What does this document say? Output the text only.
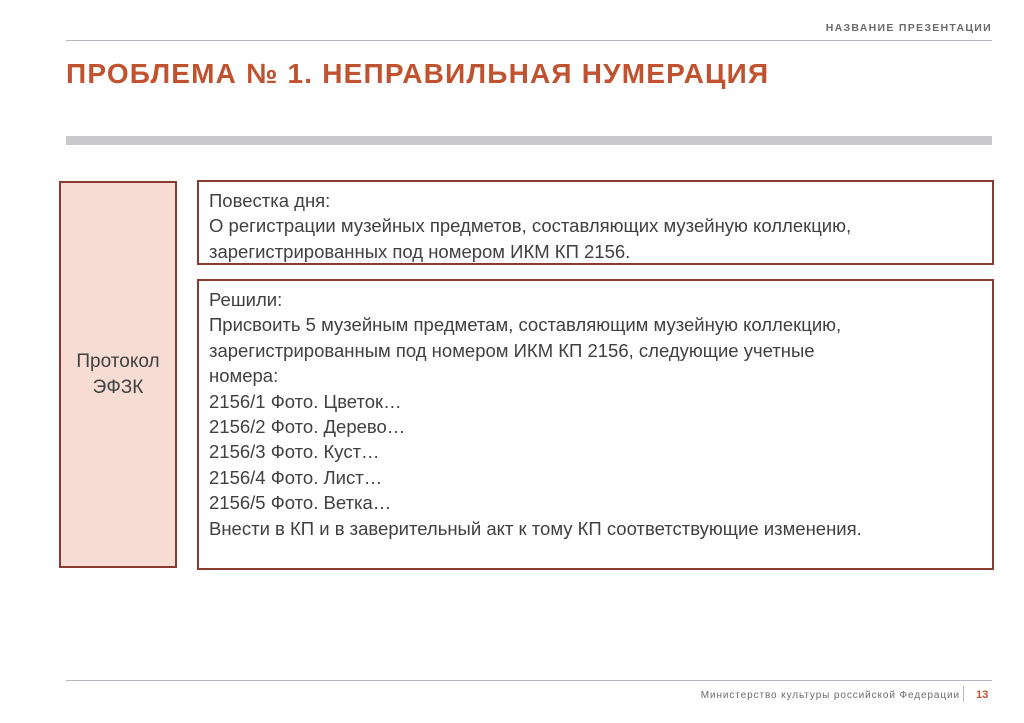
НАЗВАНИЕ ПРЕЗЕНТАЦИИ
ПРОБЛЕМА № 1. НЕПРАВИЛЬНАЯ НУМЕРАЦИЯ
Протокол
ЭФЗК
Повестка дня:
О регистрации музейных предметов, составляющих музейную коллекцию,
зарегистрированных под номером ИКМ КП 2156.
Решили:
Присвоить 5 музейным предметам, составляющим музейную коллекцию,
зарегистрированным под номером ИКМ КП 2156, следующие учетные
номера:
2156/1 Фото. Цветок…
2156/2 Фото. Дерево…
2156/3 Фото. Куст…
2156/4 Фото. Лист…
2156/5 Фото. Ветка…
Внести в КП и в заверительный акт к тому КП соответствующие изменения.
Министерство культуры российской Федерации 13
